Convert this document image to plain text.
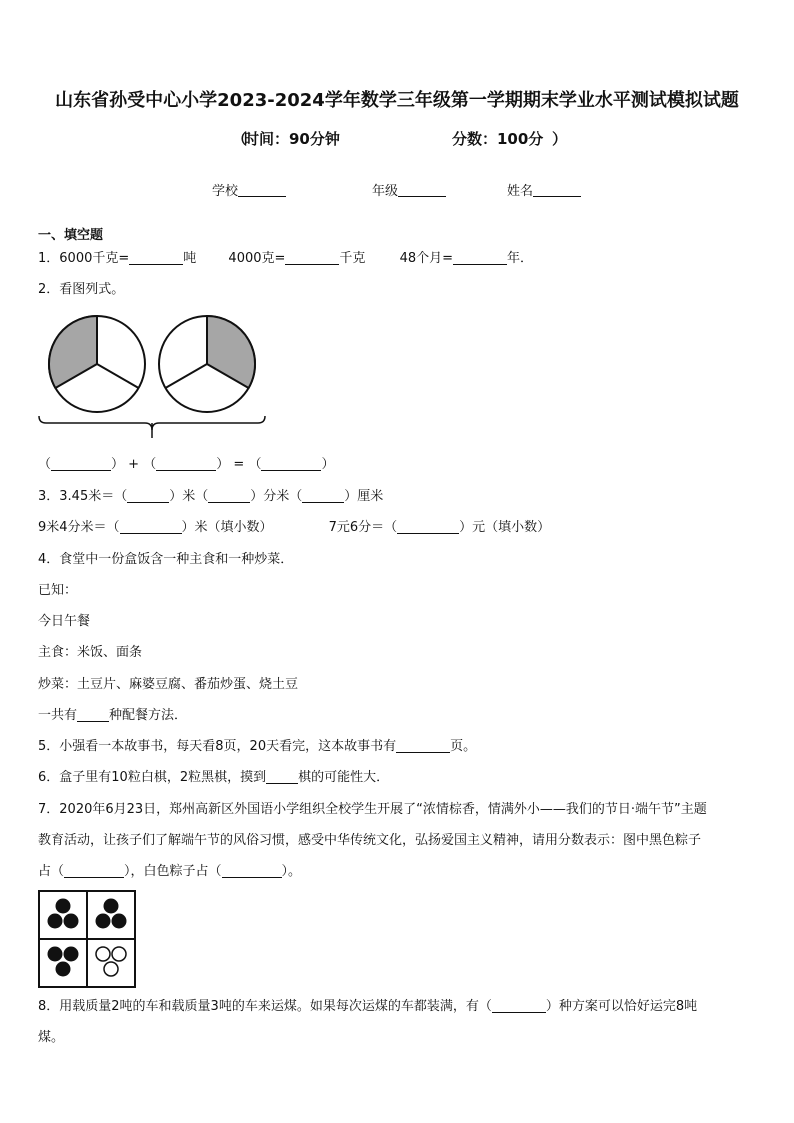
山东省孙受中心小学2023-2024学年数学三年级第一学期期末学业水平测试模拟试题
（
时间：90分钟	分数：100分 ）
学校	年级	姓名
一、填空题
1．6000千克=	吨 4000克=	千克	48个月=	年．
2．看图列式。
（	） + （	） = （	）
3．3.45米＝（	）米（	）分米（	）厘米
9米4分米＝（	）米（填小数）	7元6分＝（	）元（填小数）
4．食堂中一份盒饭含一种主食和一种炒菜．
已知：
今日午餐
主食：米饭、面条
炒菜：土豆片、麻婆豆腐、番茄炒蛋、烧土豆
一共有 种配餐方法．
5．小强看一本故事书，每天看8页，20天看完，这本故事书有	页。
6．盒子里有10粒白棋，2粒黑棋，摸到 棋的可能性大．
7．2020年6月23日，郑州高新区外国语小学组织全校学生开展了“浓情棕香，情满外小——我们的节日·端午节”主题
教育活动，让孩子们了解端午节的风俗习惯，感受中华传统文化，弘扬爱国主义精神，请用分数表示：图中黑色粽子
占（	），白色粽子占（	）。
8．用载质量2吨的车和载质量3吨的车来运煤。如果每次运煤的车都装满，有（	）种方案可以恰好运完8吨
煤。
